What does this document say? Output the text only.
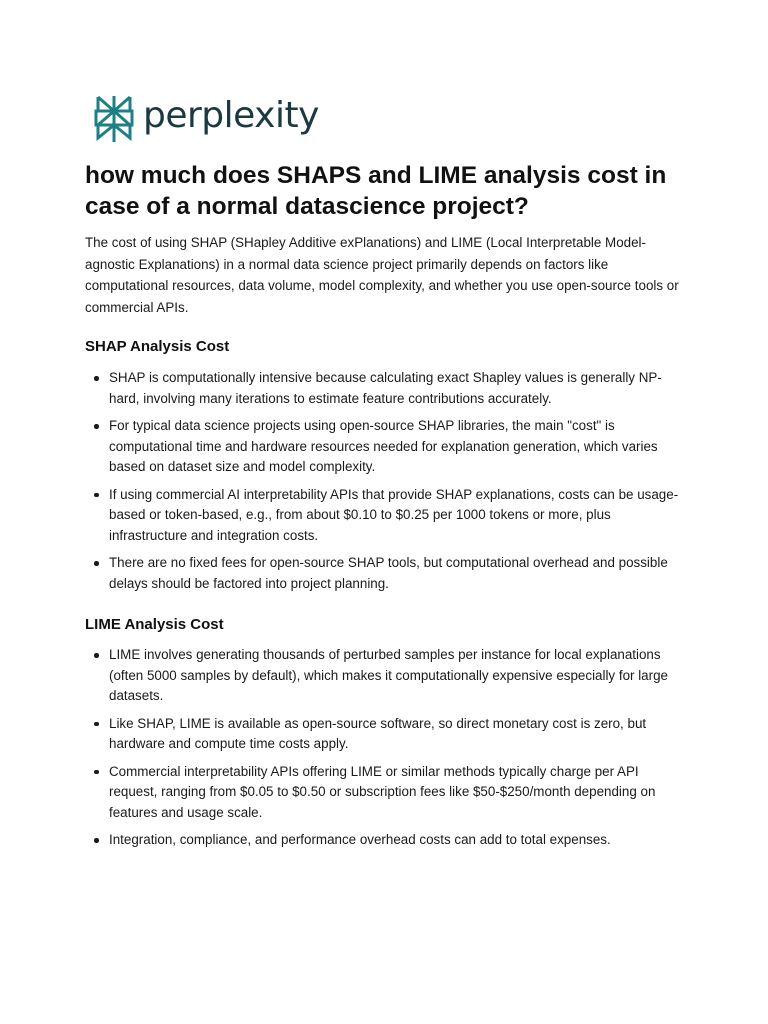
perplexity
how much does SHAPS and LIME analysis cost in case of a normal datascience project?

The cost of using SHAP (SHapley Additive exPlanations) and LIME (Local Interpretable Model-agnostic Explanations) in a normal data science project primarily depends on factors like computational resources, data volume, model complexity, and whether you use open-source tools or commercial APIs.

SHAP Analysis Cost
SHAP is computationally intensive because calculating exact Shapley values is generally NP-hard, involving many iterations to estimate feature contributions accurately.
For typical data science projects using open-source SHAP libraries, the main "cost" is computational time and hardware resources needed for explanation generation, which varies based on dataset size and model complexity.
If using commercial AI interpretability APIs that provide SHAP explanations, costs can be usage-based or token-based, e.g., from about $0.10 to $0.25 per 1000 tokens or more, plus infrastructure and integration costs.
There are no fixed fees for open-source SHAP tools, but computational overhead and possible delays should be factored into project planning.
LIME Analysis Cost
LIME involves generating thousands of perturbed samples per instance for local explanations (often 5000 samples by default), which makes it computationally expensive especially for large datasets.
Like SHAP, LIME is available as open-source software, so direct monetary cost is zero, but hardware and compute time costs apply.
Commercial interpretability APIs offering LIME or similar methods typically charge per API request, ranging from $0.05 to $0.50 or subscription fees like $50-$250/month depending on features and usage scale.
Integration, compliance, and performance overhead costs can add to total expenses.
